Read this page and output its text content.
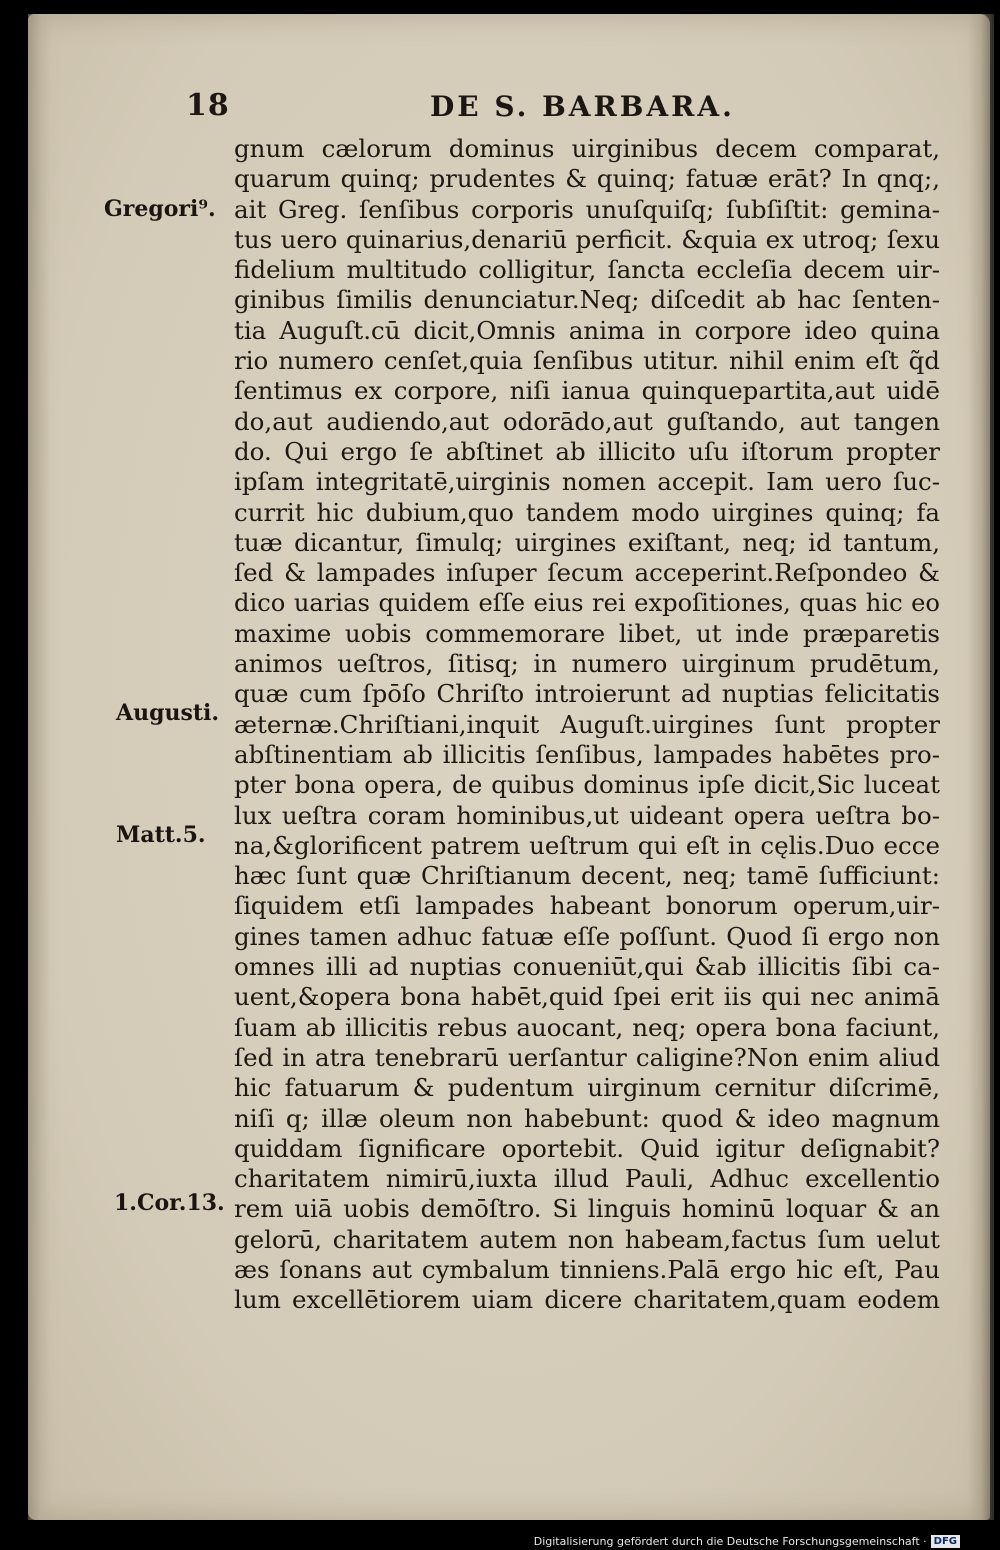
18	DE S. BARBARA.
Gregori⁹.
Augusti.
Matt.5.
1.Cor.13.
gnum cælorum dominus uirginibus decem comparat,
quarum quinq; prudentes & quinq; fatuæ erāt? In qnq;,
ait Greg. ſenſibus corporis unuſquiſq; ſubſiſtit: gemina-
tus uero quinarius,denariū perficit. &quia ex utroq; ſexu
fidelium multitudo colligitur, ſancta eccleſia decem uir-
ginibus ſimilis denunciatur.Neq; diſcedit ab hac ſenten-
tia Auguſt.cū dicit,Omnis anima in corpore ideo quina
rio numero cenſet,quia ſenſibus utitur. nihil enim eſt q̃d
ſentimus ex corpore, niſi ianua quinquepartita,aut uidē
do,aut audiendo,aut odorādo,aut guſtando, aut tangen
do. Qui ergo ſe abſtinet ab illicito uſu iſtorum propter
ipſam integritatē,uirginis nomen accepit. Iam uero ſuc-
currit hic dubium,quo tandem modo uirgines quinq; fa
tuæ dicantur, ſimulq; uirgines exiſtant, neq; id tantum,
ſed & lampades inſuper ſecum acceperint.Reſpondeo &
dico uarias quidem eſſe eius rei expoſitiones, quas hic eo
maxime uobis commemorare libet, ut inde præparetis
animos ueſtros, ſitisq; in numero uirginum prudētum,
quæ cum ſpōſo Chriſto introierunt ad nuptias felicitatis
æternæ.Chriſtiani,inquit Auguſt.uirgines ſunt propter
abſtinentiam ab illicitis ſenſibus, lampades habētes pro-
pter bona opera, de quibus dominus ipſe dicit,Sic luceat
lux ueſtra coram hominibus,ut uideant opera ueſtra bo-
na,&glorificent patrem ueſtrum qui eſt in cęlis.Duo ecce
hæc ſunt quæ Chriſtianum decent, neq; tamē ſufficiunt:
ſiquidem etſi lampades habeant bonorum operum,uir-
gines tamen adhuc fatuæ eſſe poſſunt. Quod ſi ergo non
omnes illi ad nuptias conueniūt,qui &ab illicitis ſibi ca-
uent,&opera bona habēt,quid ſpei erit iis qui nec animā
ſuam ab illicitis rebus auocant, neq; opera bona faciunt,
ſed in atra tenebrarū uerſantur caligine?Non enim aliud
hic fatuarum & pudentum uirginum cernitur diſcrimē,
niſi q; illæ oleum non habebunt: quod & ideo magnum
quiddam ſignificare oportebit. Quid igitur deſignabit?
charitatem nimirū,iuxta illud Pauli, Adhuc excellentio
rem uiā uobis demōſtro. Si linguis hominū loquar & an
gelorū, charitatem autem non habeam,factus ſum uelut
æs ſonans aut cymbalum tinniens.Palā ergo hic eſt, Pau
lum excellētiorem uiam dicere charitatem,quam eodem
Digitalisierung gefördert durch die Deutsche Forschungsgemeinschaft · DFG
